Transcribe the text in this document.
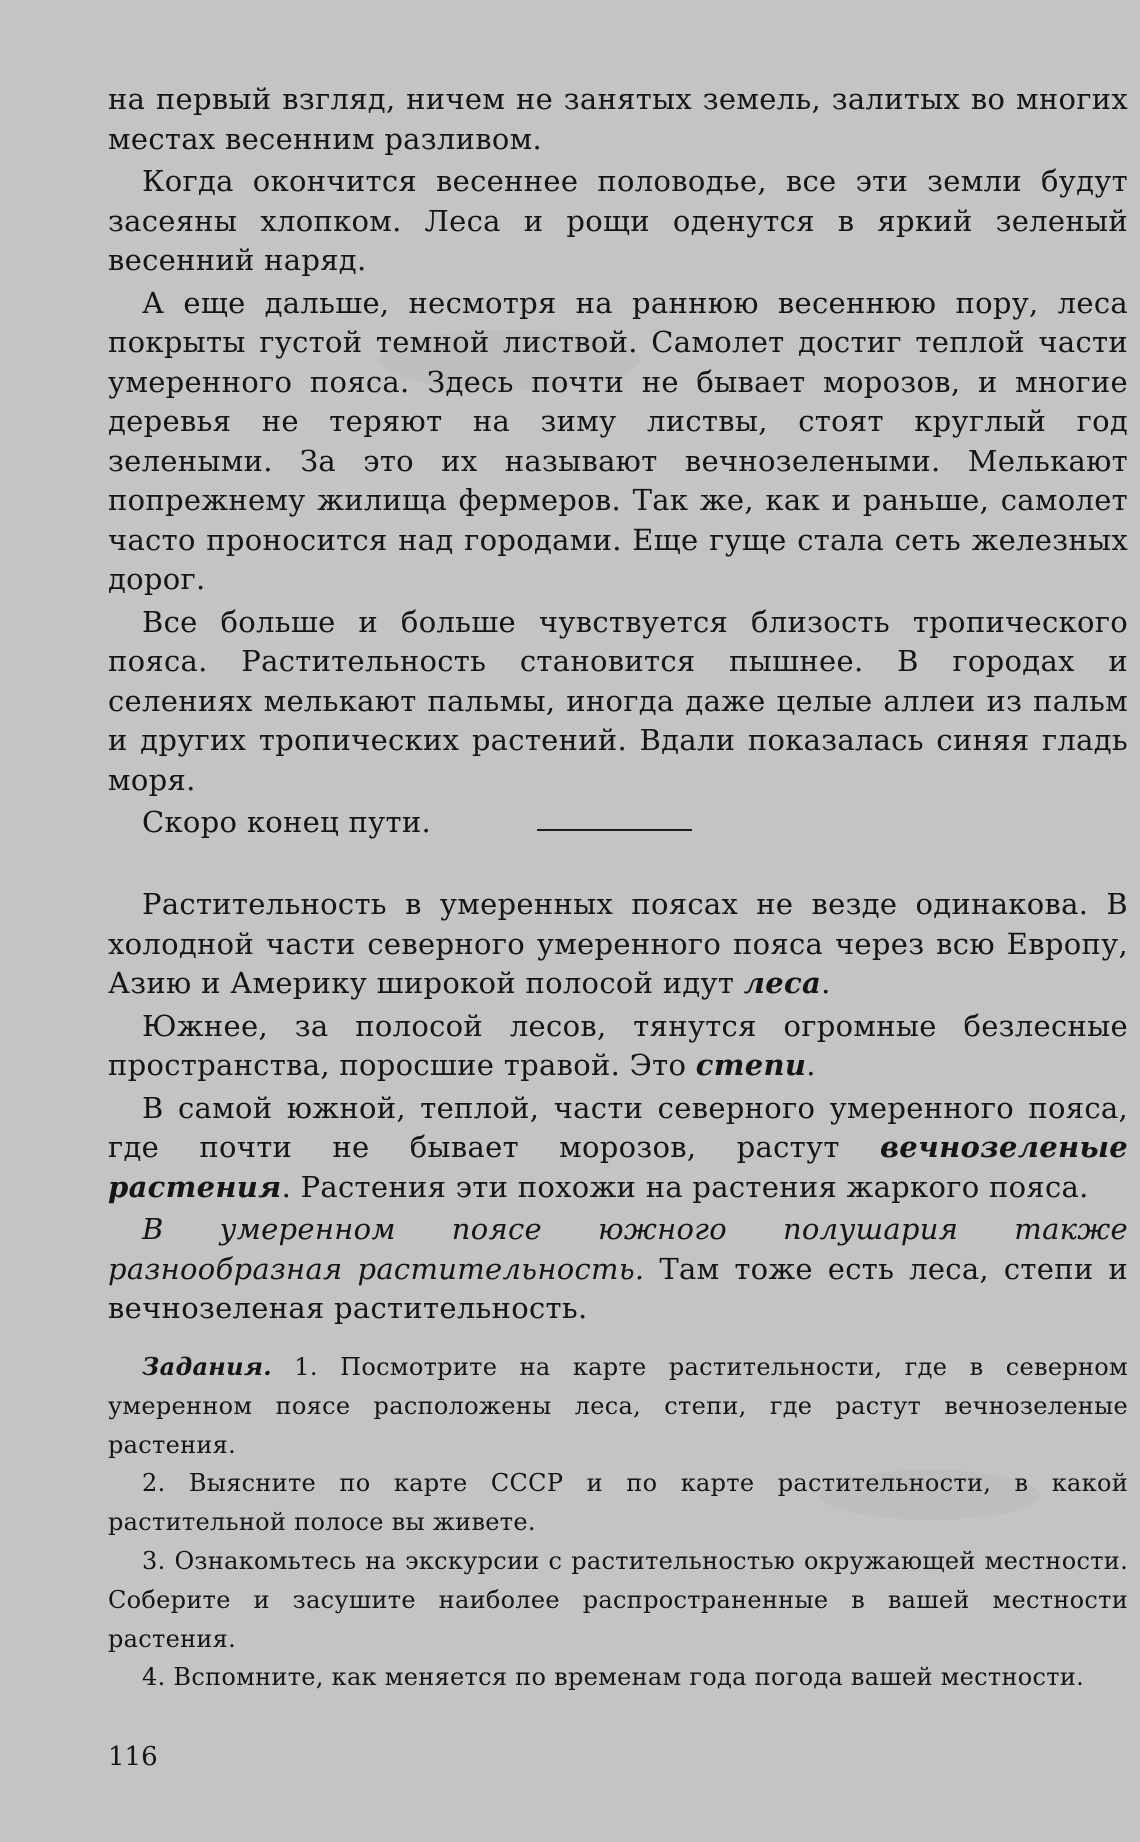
на первый взгляд, ничем не занятых земель, залитых во многих местах весенним разливом.

Когда окончится весеннее половодье, все эти земли будут засеяны хлопком. Леса и рощи оденутся в яркий зеленый весенний наряд.

А еще дальше, несмотря на раннюю весеннюю пору, леса покрыты густой темной листвой. Самолет достиг теплой части умеренного пояса. Здесь почти не бывает морозов, и многие деревья не теряют на зиму листвы, стоят круглый год зелеными. За это их называют вечнозелеными. Мелькают попрежнему жилища фермеров. Так же, как и раньше, самолет часто проносится над городами. Еще гуще стала сеть железных дорог.

Все больше и больше чувствуется близость тропического пояса. Растительность становится пышнее. В городах и селениях мелькают пальмы, иногда даже целые аллеи из пальм и других тропических растений. Вдали показалась синяя гладь моря.

Скоро конец пути.

Растительность в умеренных поясах не везде одинакова. В холодной части северного умеренного пояса через всю Европу, Азию и Америку широкой полосой идут леса.

Южнее, за полосой лесов, тянутся огромные безлесные пространства, поросшие травой. Это степи.

В самой южной, теплой, части северного умеренного пояса, где почти не бывает морозов, растут вечнозеленые растения. Растения эти похожи на растения жаркого пояса.

В умеренном поясе южного полушария также разнообразная растительность. Там тоже есть леса, степи и вечнозеленая растительность.

Задания. 1. Посмотрите на карте растительности, где в северном умеренном поясе расположены леса, степи, где растут вечнозеленые растения.

2. Выясните по карте СССР и по карте растительности, в какой растительной полосе вы живете.

3. Ознакомьтесь на экскурсии с растительностью окружающей местности. Соберите и засушите наиболее распространенные в вашей местности растения.

4. Вспомните, как меняется по временам года погода вашей местности.

116
